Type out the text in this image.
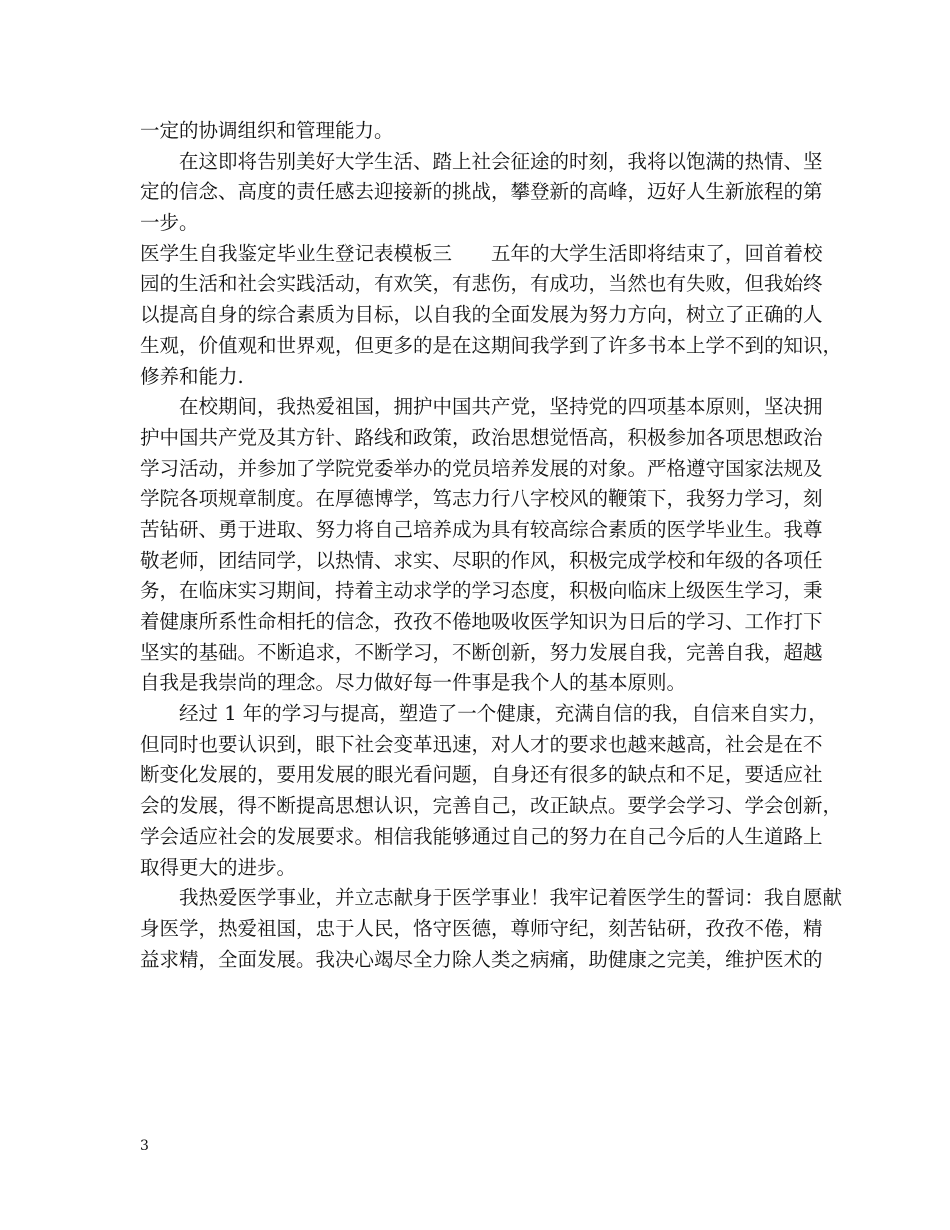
一定的协调组织和管理能力。
在这即将告别美好大学生活、踏上社会征途的时刻，我将以饱满的热情、坚
定的信念、高度的责任感去迎接新的挑战，攀登新的高峰，迈好人生新旅程的第
一步。
医学生自我鉴定毕业生登记表模板三　　五年的大学生活即将结束了，回首着校
园的生活和社会实践活动，有欢笑，有悲伤，有成功，当然也有失败，但我始终
以提高自身的综合素质为目标，以自我的全面发展为努力方向，树立了正确的人
生观，价值观和世界观，但更多的是在这期间我学到了许多书本上学不到的知识，
修养和能力.
在校期间，我热爱祖国，拥护中国共产党，坚持党的四项基本原则，坚决拥
护中国共产党及其方针、路线和政策，政治思想觉悟高，积极参加各项思想政治
学习活动，并参加了学院党委举办的党员培养发展的对象。严格遵守国家法规及
学院各项规章制度。在厚德博学，笃志力行八字校风的鞭策下，我努力学习，刻
苦钻研、勇于进取、努力将自己培养成为具有较高综合素质的医学毕业生。我尊
敬老师，团结同学，以热情、求实、尽职的作风，积极完成学校和年级的各项任
务，在临床实习期间，持着主动求学的学习态度，积极向临床上级医生学习，秉
着健康所系性命相托的信念，孜孜不倦地吸收医学知识为日后的学习、工作打下
坚实的基础。不断追求，不断学习，不断创新，努力发展自我，完善自我，超越
自我是我崇尚的理念。尽力做好每一件事是我个人的基本原则。
经过 1 年的学习与提高，塑造了一个健康，充满自信的我，自信来自实力，
但同时也要认识到，眼下社会变革迅速，对人才的要求也越来越高，社会是在不
断变化发展的，要用发展的眼光看问题，自身还有很多的缺点和不足，要适应社
会的发展，得不断提高思想认识，完善自己，改正缺点。要学会学习、学会创新，
学会适应社会的发展要求。相信我能够通过自己的努力在自己今后的人生道路上
取得更大的进步。
我热爱医学事业，并立志献身于医学事业！我牢记着医学生的誓词：我自愿献
身医学，热爱祖国，忠于人民，恪守医德，尊师守纪，刻苦钻研，孜孜不倦，精
益求精，全面发展。我决心竭尽全力除人类之病痛，助健康之完美，维护医术的
3
